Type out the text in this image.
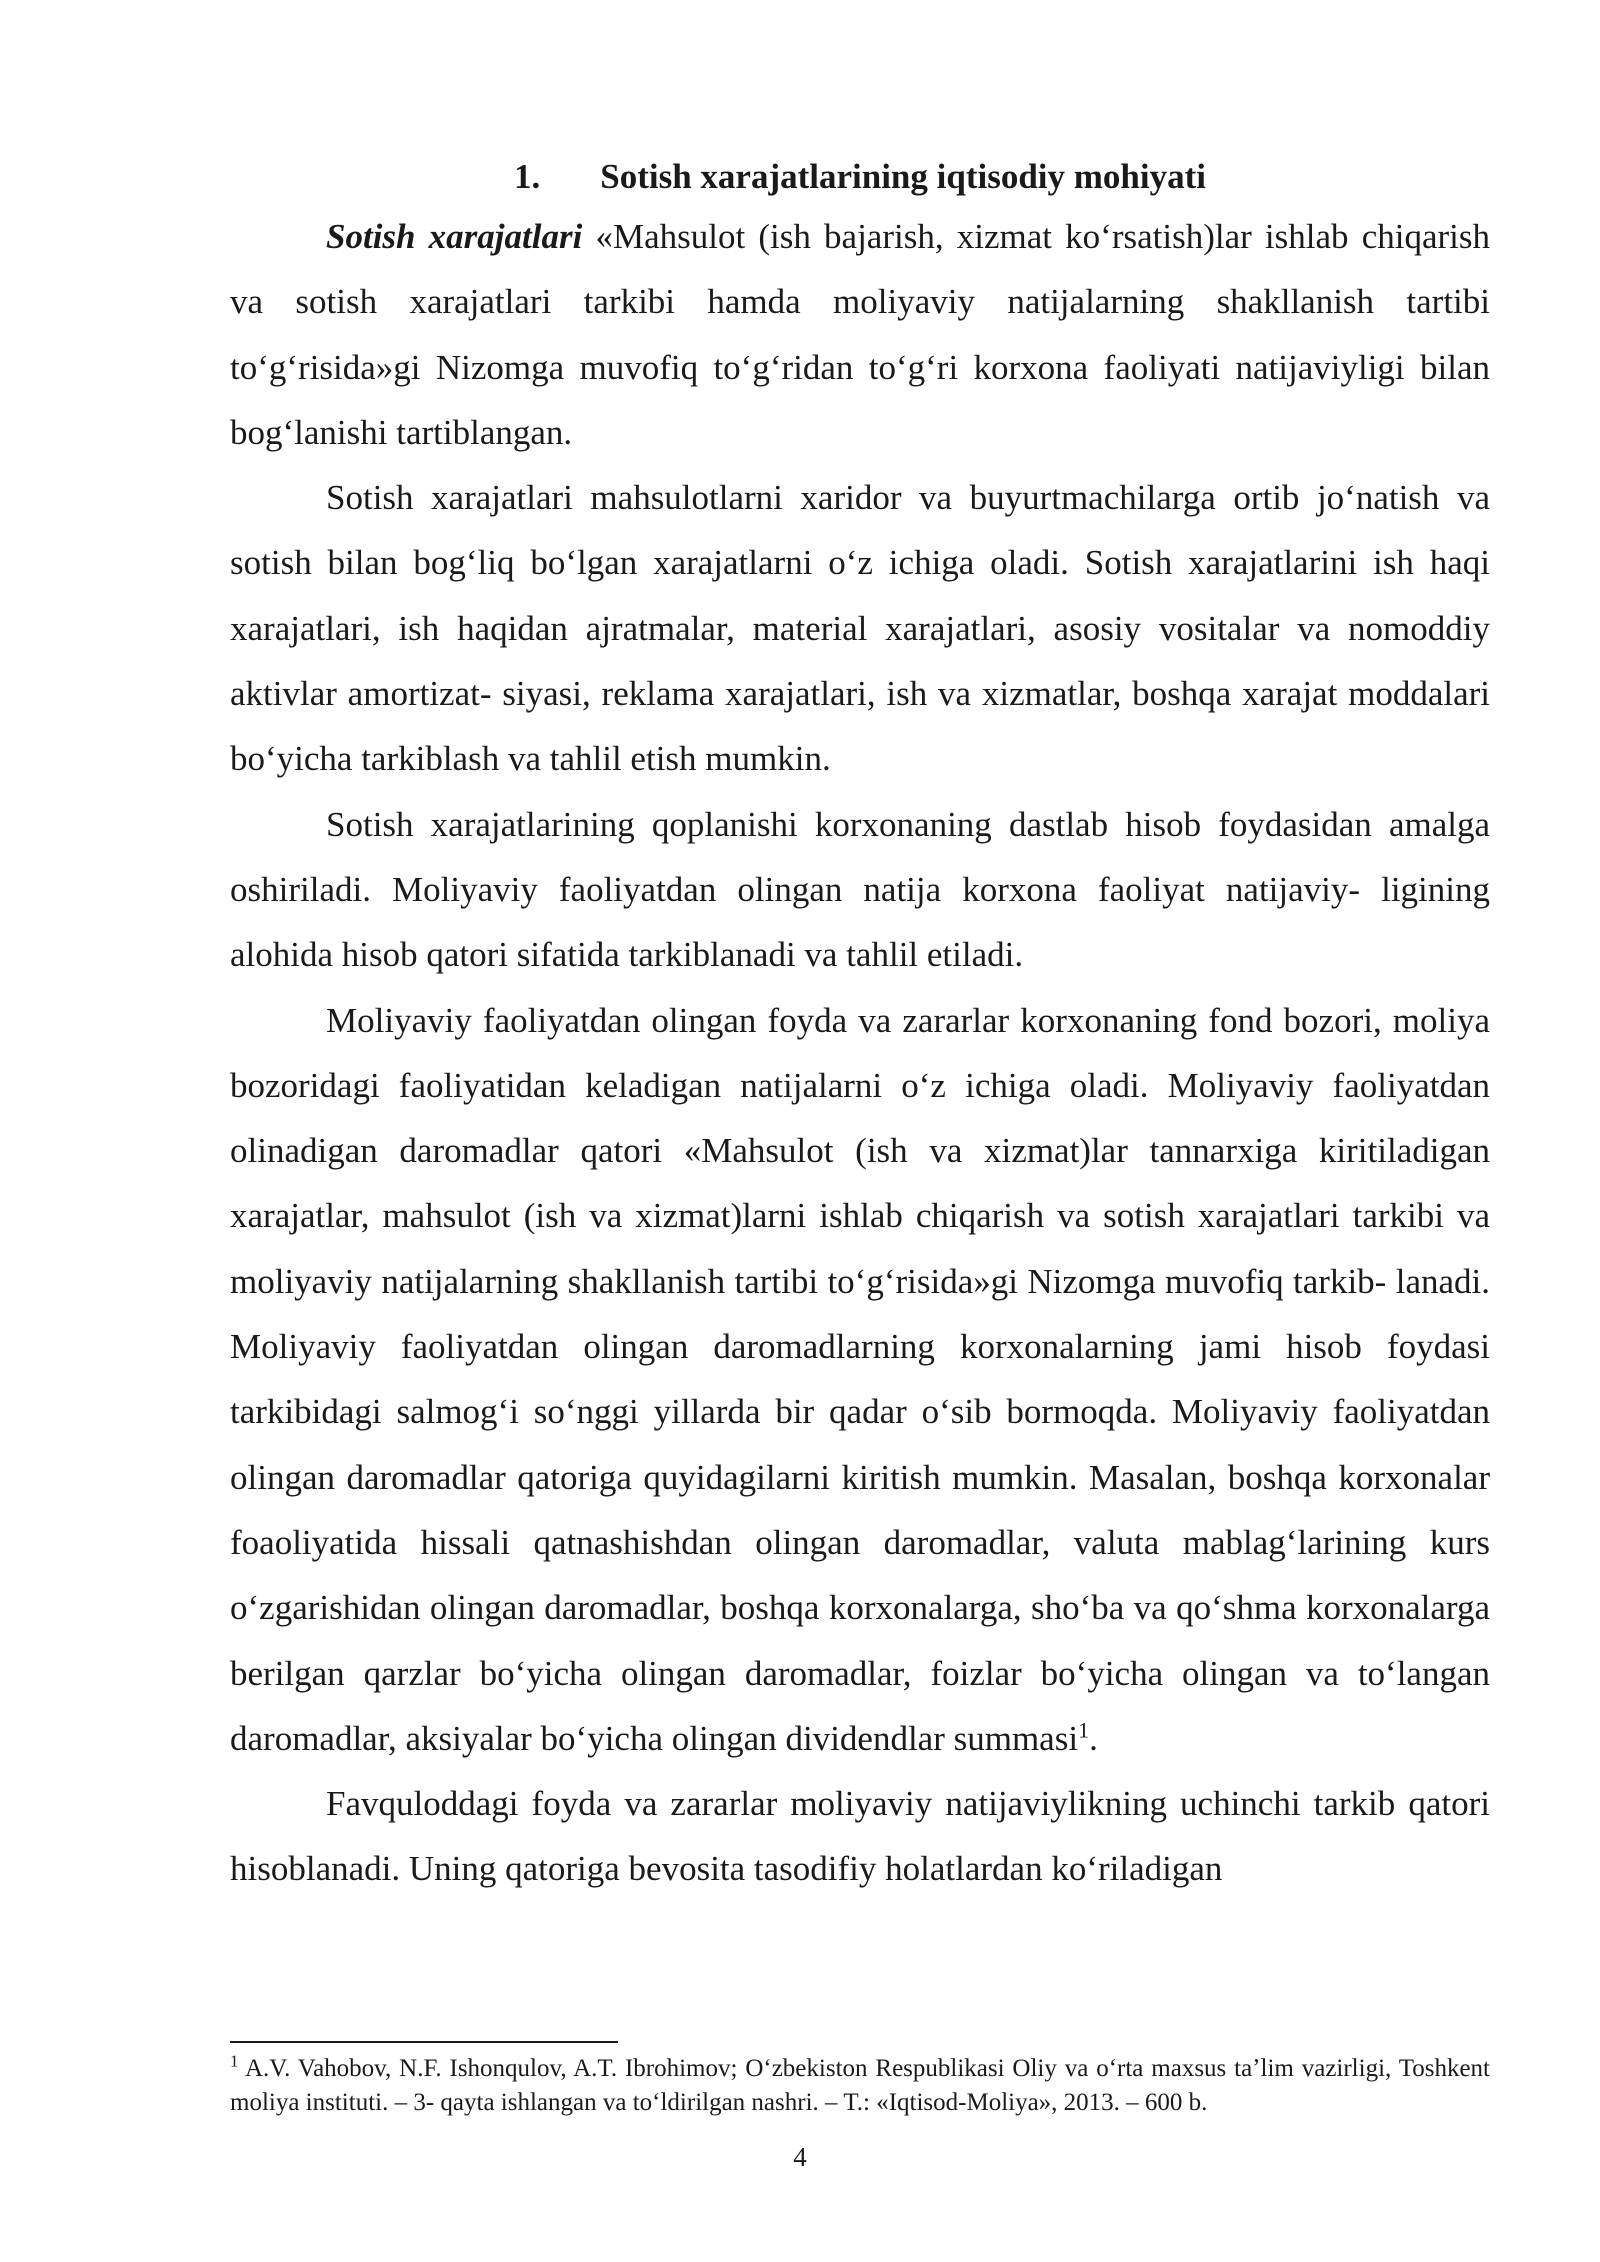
1. Sotish xarajatlarining iqtisodiy mohiyati

Sotish xarajatlari «Mahsulot (ish bajarish, xizmat koʻrsatish)lar ishlab chiqarish va sotish xarajatlari tarkibi hamda moliyaviy natijalarning shakllanish tartibi toʻgʻrisida»gi Nizomga muvofiq toʻgʻridan toʻgʻri korxona faoliyati natijaviyligi bilan bogʻlanishi tartiblangan.

Sotish xarajatlari mahsulotlarni xaridor va buyurtmachilarga ortib joʻnatish va sotish bilan bogʻliq boʻlgan xarajatlarni oʻz ichiga oladi. Sotish xarajatlarini ish haqi xarajatlari, ish haqidan ajratmalar, material xarajatlari, asosiy vositalar va nomoddiy aktivlar amortizat- siyasi, reklama xarajatlari, ish va xizmatlar, boshqa xarajat moddalari boʻyicha tarkiblash va tahlil etish mumkin.

Sotish xarajatlarining qoplanishi korxonaning dastlab hisob foydasidan amalga oshiriladi. Moliyaviy faoliyatdan olingan natija korxona faoliyat natijaviy- ligining alohida hisob qatori sifatida tarkiblanadi va tahlil etiladi.

Moliyaviy faoliyatdan olingan foyda va zararlar korxonaning fond bozori, moliya bozoridagi faoliyatidan keladigan natijalarni oʻz ichiga oladi. Moliyaviy faoliyatdan olinadigan daromadlar qatori «Mahsulot (ish va xizmat)lar tannarxiga kiritiladigan xarajatlar, mahsulot (ish va xizmat)larni ishlab chiqarish va sotish xarajatlari tarkibi va moliyaviy natijalarning shakllanish tartibi toʻgʻrisida»gi Nizomga muvofiq tarkib- lanadi. Moliyaviy faoliyatdan olingan daromadlarning korxonalarning jami hisob foydasi tarkibidagi salmogʻi soʻnggi yillarda bir qadar oʻsib bormoqda. Moliyaviy faoliyatdan olingan daromadlar qatoriga quyidagilarni kiritish mumkin. Masalan, boshqa korxonalar foaoliyatida hissali qatnashishdan olingan daromadlar, valuta mablagʻlarining kurs oʻzgarishidan olingan daromadlar, boshqa korxonalarga, shoʻba va qoʻshma korxonalarga berilgan qarzlar boʻyicha olingan daromadlar, foizlar boʻyicha olingan va toʻlangan daromadlar, aksiyalar boʻyicha olingan dividendlar summasi$^1$.

Favquloddagi foyda va zararlar moliyaviy natijaviylikning uchinchi tarkib qatori hisoblanadi. Uning qatoriga bevosita tasodifiy holatlardan koʻriladigan

$^1$ A.V. Vahobov, N.F. Ishonqulov, A.T. Ibrohimov; Oʻzbekiston Respublikasi Oliy va oʻrta maxsus taʼlim vazirligi, Toshkent moliya instituti. – 3- qayta ishlangan va toʻldirilgan nashri. – T.: «Iqtisod-Moliya», 2013. – 600 b.
4
